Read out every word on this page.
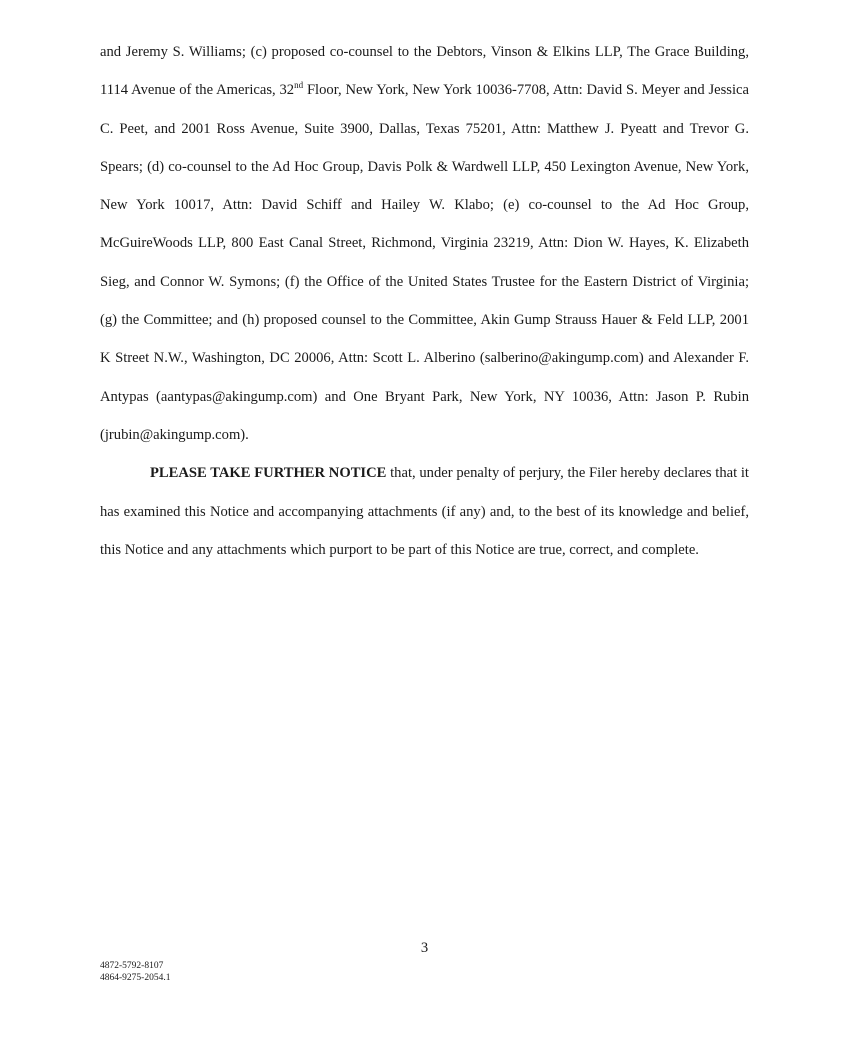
and Jeremy S. Williams; (c) proposed co-counsel to the Debtors, Vinson & Elkins LLP, The Grace Building, 1114 Avenue of the Americas, 32nd Floor, New York, New York 10036-7708, Attn: David S. Meyer and Jessica C. Peet, and 2001 Ross Avenue, Suite 3900, Dallas, Texas 75201, Attn: Matthew J. Pyeatt and Trevor G. Spears; (d) co-counsel to the Ad Hoc Group, Davis Polk & Wardwell LLP, 450 Lexington Avenue, New York, New York 10017, Attn: David Schiff and Hailey W. Klabo; (e) co-counsel to the Ad Hoc Group, McGuireWoods LLP, 800 East Canal Street, Richmond, Virginia 23219, Attn: Dion W. Hayes, K. Elizabeth Sieg, and Connor W. Symons; (f) the Office of the United States Trustee for the Eastern District of Virginia; (g) the Committee; and (h) proposed counsel to the Committee, Akin Gump Strauss Hauer & Feld LLP, 2001 K Street N.W., Washington, DC 20006, Attn: Scott L. Alberino (salberino@akingump.com) and Alexander F. Antypas (aantypas@akingump.com) and One Bryant Park, New York, NY 10036, Attn: Jason P. Rubin (jrubin@akingump.com).

PLEASE TAKE FURTHER NOTICE that, under penalty of perjury, the Filer hereby declares that it has examined this Notice and accompanying attachments (if any) and, to the best of its knowledge and belief, this Notice and any attachments which purport to be part of this Notice are true, correct, and complete.

3
4872-5792-8107
4864-9275-2054.1
